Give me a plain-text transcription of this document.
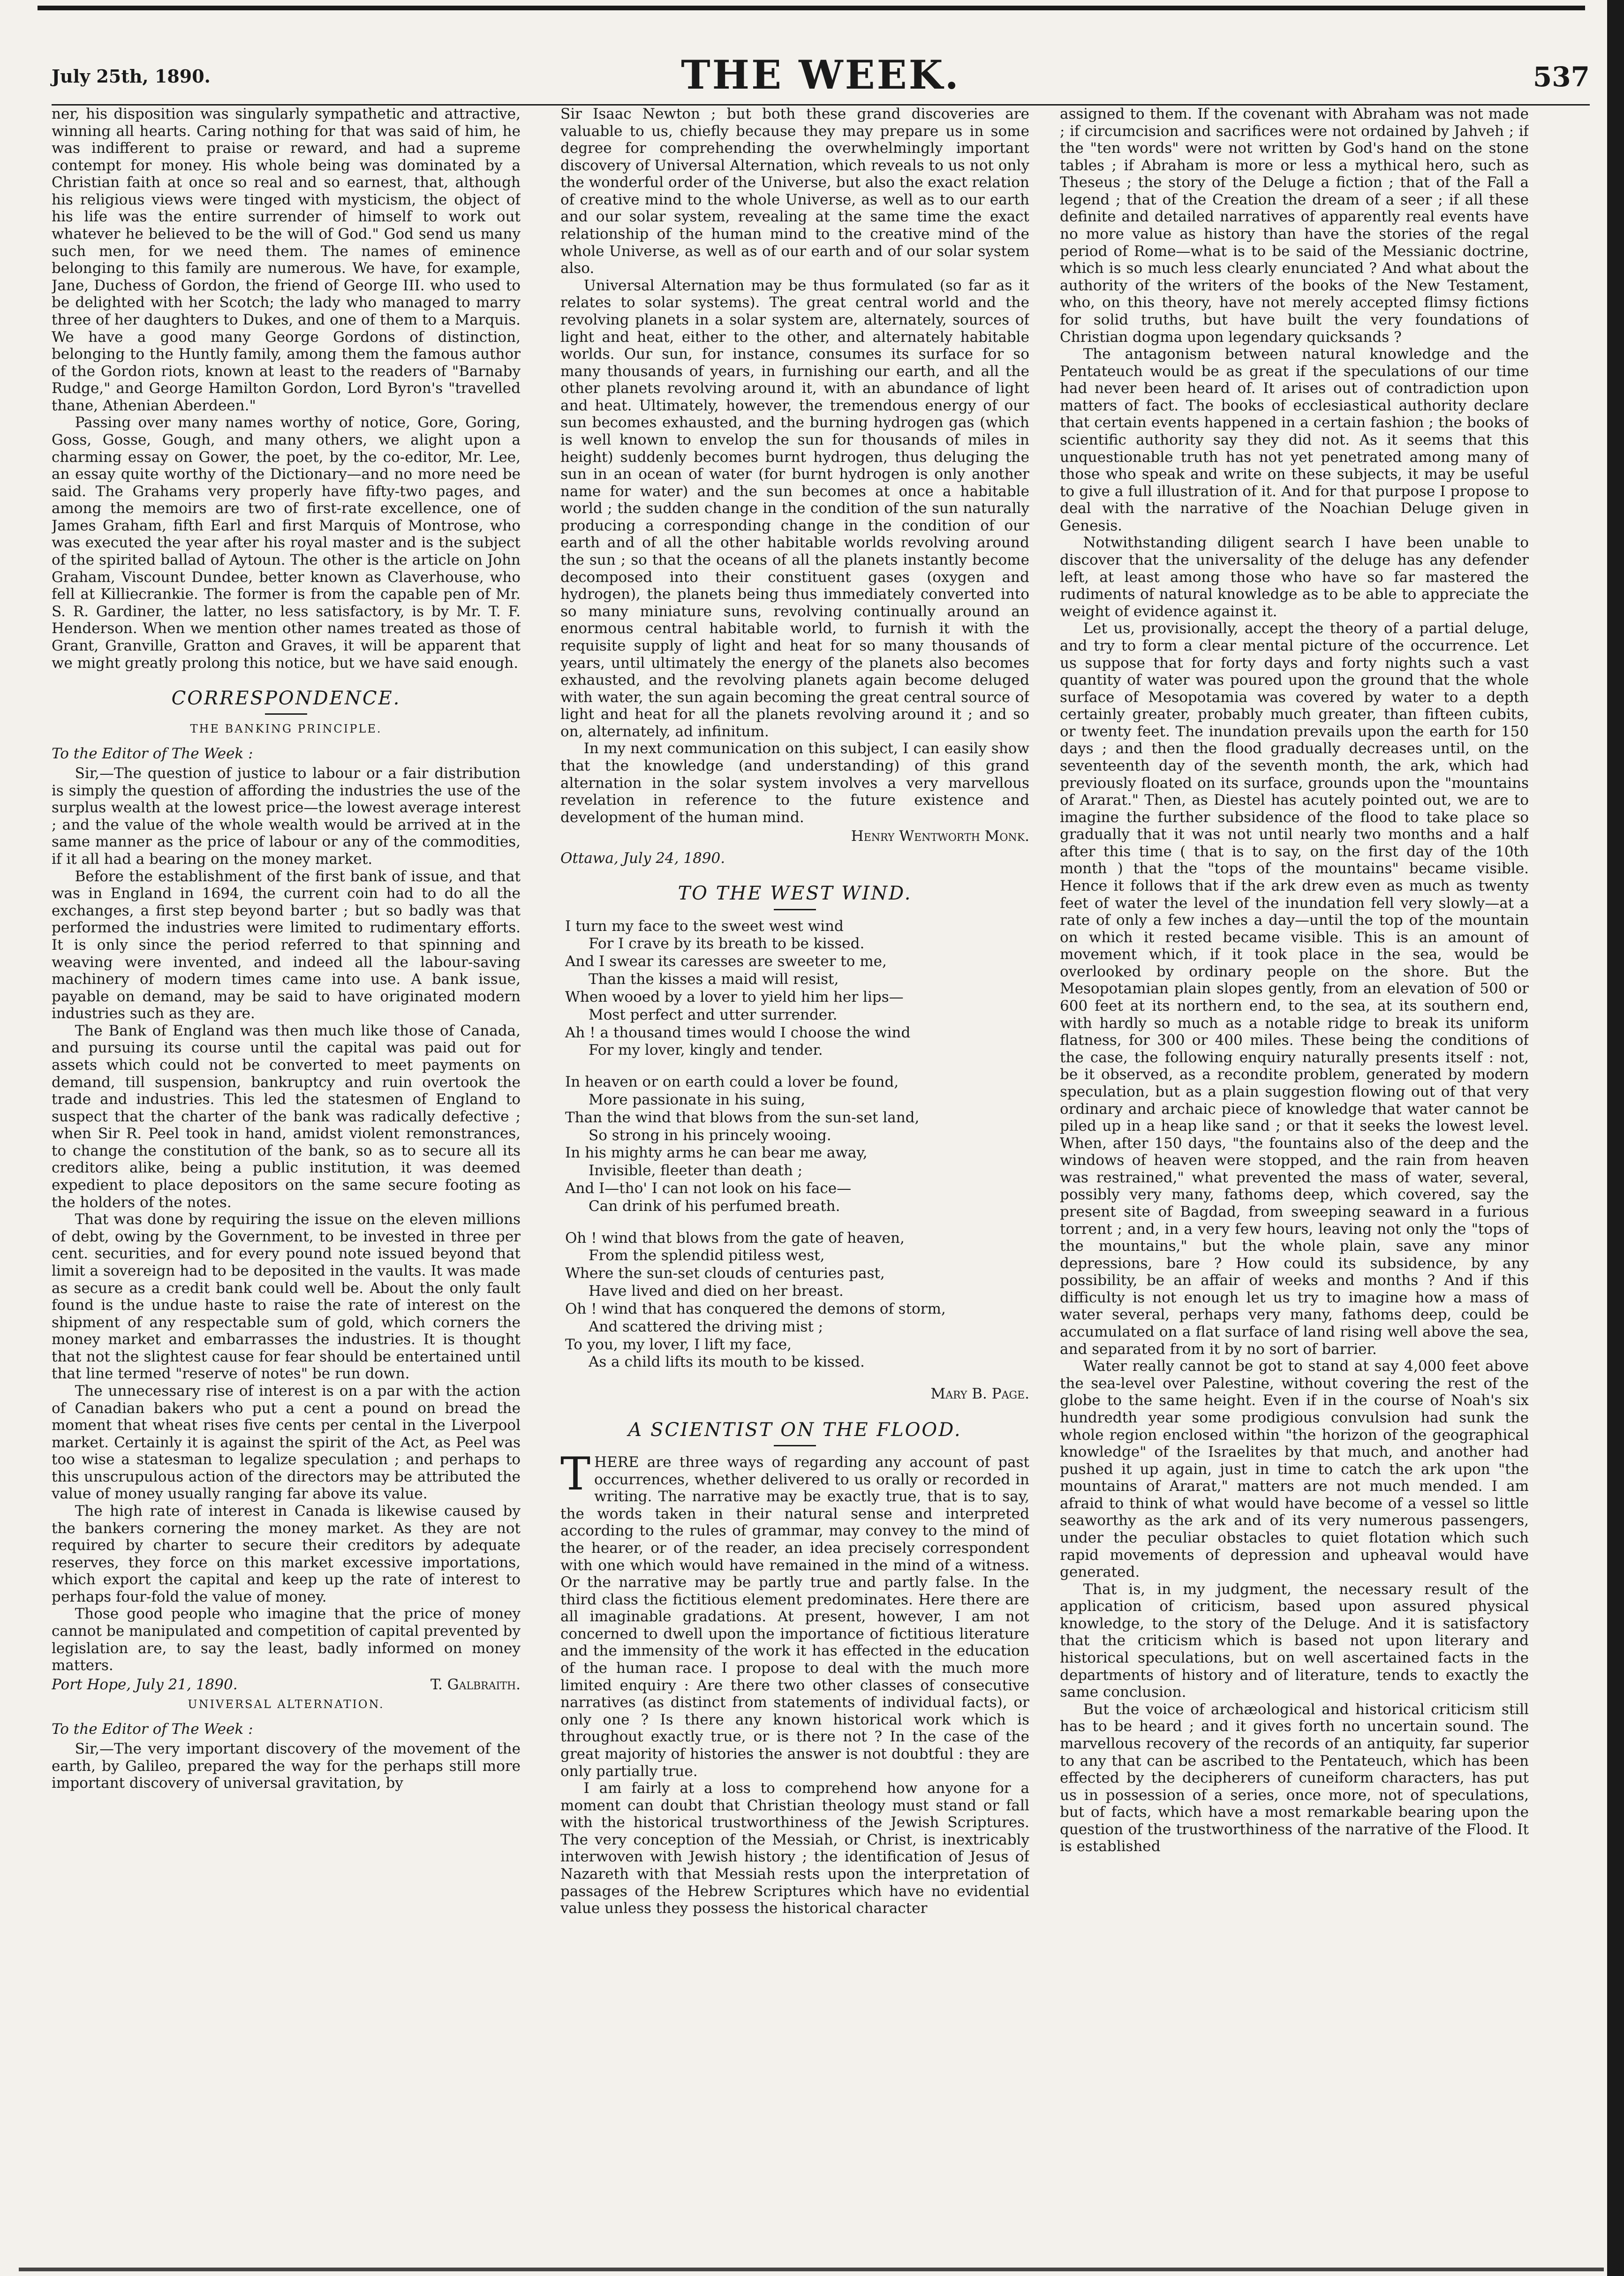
July 25th, 1890.	THE WEEK.	537

ner, his disposition was singularly sympathetic and attractive, winning all hearts. Caring nothing for that was said of him, he was indifferent to praise or reward, and had a supreme contempt for money. His whole being was dominated by a Christian faith at once so real and so earnest, that, although his religious views were tinged with mysticism, the object of his life was the entire surrender of himself to work out whatever he believed to be the will of God." God send us many such men, for we need them. The names of eminence belonging to this family are numerous. We have, for example, Jane, Duchess of Gordon, the friend of George III. who used to be delighted with her Scotch; the lady who managed to marry three of her daughters to Dukes, and one of them to a Marquis. We have a good many George Gordons of distinction, belonging to the Huntly family, among them the famous author of the Gordon riots, known at least to the readers of "Barnaby Rudge," and George Hamilton Gordon, Lord Byron's "travelled thane, Athenian Aberdeen."

Passing over many names worthy of notice, Gore, Goring, Goss, Gosse, Gough, and many others, we alight upon a charming essay on Gower, the poet, by the co-editor, Mr. Lee, an essay quite worthy of the Dictionary—and no more need be said. The Grahams very properly have fifty-two pages, and among the memoirs are two of first-rate excellence, one of James Graham, fifth Earl and first Marquis of Montrose, who was executed the year after his royal master and is the subject of the spirited ballad of Aytoun. The other is the article on John Graham, Viscount Dundee, better known as Claverhouse, who fell at Killiecrankie. The former is from the capable pen of Mr. S. R. Gardiner, the latter, no less satisfactory, is by Mr. T. F. Henderson. When we mention other names treated as those of Grant, Granville, Gratton and Graves, it will be apparent that we might greatly prolong this notice, but we have said enough.

CORRESPONDENCE.
THE BANKING PRINCIPLE.

To the Editor of The Week :

Sir,—The question of justice to labour or a fair distribution is simply the question of affording the industries the use of the surplus wealth at the lowest price—the lowest average interest ; and the value of the whole wealth would be arrived at in the same manner as the price of labour or any of the commodities, if it all had a bearing on the money market.

Before the establishment of the first bank of issue, and that was in England in 1694, the current coin had to do all the exchanges, a first step beyond barter ; but so badly was that performed the industries were limited to rudimentary efforts. It is only since the period referred to that spinning and weaving were invented, and indeed all the labour-saving machinery of modern times came into use. A bank issue, payable on demand, may be said to have originated modern industries such as they are.

The Bank of England was then much like those of Canada, and pursuing its course until the capital was paid out for assets which could not be converted to meet payments on demand, till suspension, bankruptcy and ruin overtook the trade and industries. This led the statesmen of England to suspect that the charter of the bank was radically defective ; when Sir R. Peel took in hand, amidst violent remonstrances, to change the constitution of the bank, so as to secure all its creditors alike, being a public institution, it was deemed expedient to place depositors on the same secure footing as the holders of the notes.

That was done by requiring the issue on the eleven millions of debt, owing by the Government, to be invested in three per cent. securities, and for every pound note issued beyond that limit a sovereign had to be deposited in the vaults. It was made as secure as a credit bank could well be. About the only fault found is the undue haste to raise the rate of interest on the shipment of any respectable sum of gold, which corners the money market and embarrasses the industries. It is thought that not the slightest cause for fear should be entertained until that line termed "reserve of notes" be run down.

The unnecessary rise of interest is on a par with the action of Canadian bakers who put a cent a pound on bread the moment that wheat rises five cents per cental in the Liverpool market. Certainly it is against the spirit of the Act, as Peel was too wise a statesman to legalize speculation ; and perhaps to this unscrupulous action of the directors may be attributed the value of money usually ranging far above its value.

The high rate of interest in Canada is likewise caused by the bankers cornering the money market. As they are not required by charter to secure their creditors by adequate reserves, they force on this market excessive importations, which export the capital and keep up the rate of interest to perhaps four-fold the value of money.

Those good people who imagine that the price of money cannot be manipulated and competition of capital prevented by legislation are, to say the least, badly informed on money matters.

Port Hope, July 21, 1890.	T. Galbraith.
UNIVERSAL ALTERNATION.

To the Editor of The Week :

Sir,—The very important discovery of the movement of the earth, by Galileo, prepared the way for the perhaps still more important discovery of universal gravitation, by

Sir Isaac Newton ; but both these grand discoveries are valuable to us, chiefly because they may prepare us in some degree for comprehending the overwhelmingly important discovery of Universal Alternation, which reveals to us not only the wonderful order of the Universe, but also the exact relation of creative mind to the whole Universe, as well as to our earth and our solar system, revealing at the same time the exact relationship of the human mind to the creative mind of the whole Universe, as well as of our earth and of our solar system also.

Universal Alternation may be thus formulated (so far as it relates to solar systems). The great central world and the revolving planets in a solar system are, alternately, sources of light and heat, either to the other, and alternately habitable worlds. Our sun, for instance, consumes its surface for so many thousands of years, in furnishing our earth, and all the other planets revolving around it, with an abundance of light and heat. Ultimately, however, the tremendous energy of our sun becomes exhausted, and the burning hydrogen gas (which is well known to envelop the sun for thousands of miles in height) suddenly becomes burnt hydrogen, thus deluging the sun in an ocean of water (for burnt hydrogen is only another name for water) and the sun becomes at once a habitable world ; the sudden change in the condition of the sun naturally producing a corresponding change in the condition of our earth and of all the other habitable worlds revolving around the sun ; so that the oceans of all the planets instantly become decomposed into their constituent gases (oxygen and hydrogen), the planets being thus immediately converted into so many miniature suns, revolving continually around an enormous central habitable world, to furnish it with the requisite supply of light and heat for so many thousands of years, until ultimately the energy of the planets also becomes exhausted, and the revolving planets again become deluged with water, the sun again becoming the great central source of light and heat for all the planets revolving around it ; and so on, alternately, ad infinitum.

In my next communication on this subject, I can easily show that the knowledge (and understanding) of this grand alternation in the solar system involves a very marvellous revelation in reference to the future existence and development of the human mind.

Henry Wentworth Monk.

Ottawa, July 24, 1890.

TO THE WEST WIND.
I turn my face to the sweet west wind
For I crave by its breath to be kissed.
And I swear its caresses are sweeter to me,
Than the kisses a maid will resist,
When wooed by a lover to yield him her lips—
Most perfect and utter surrender.
Ah ! a thousand times would I choose the wind
For my lover, kingly and tender.
In heaven or on earth could a lover be found,
More passionate in his suing,
Than the wind that blows from the sun-set land,
So strong in his princely wooing.
In his mighty arms he can bear me away,
Invisible, fleeter than death ;
And I—tho' I can not look on his face—
Can drink of his perfumed breath.
Oh ! wind that blows from the gate of heaven,
From the splendid pitiless west,
Where the sun-set clouds of centuries past,
Have lived and died on her breast.
Oh ! wind that has conquered the demons of storm,
And scattered the driving mist ;
To you, my lover, I lift my face,
As a child lifts its mouth to be kissed.
Mary B. Page.
A SCIENTIST ON THE FLOOD.

THERE are three ways of regarding any account of past occurrences, whether delivered to us orally or recorded in writing. The narrative may be exactly true, that is to say, the words taken in their natural sense and interpreted according to the rules of grammar, may convey to the mind of the hearer, or of the reader, an idea precisely correspondent with one which would have remained in the mind of a witness. Or the narrative may be partly true and partly false. In the third class the fictitious element predominates. Here there are all imaginable gradations. At present, however, I am not concerned to dwell upon the importance of fictitious literature and the immensity of the work it has effected in the education of the human race. I propose to deal with the much more limited enquiry : Are there two other classes of consecutive narratives (as distinct from statements of individual facts), or only one ? Is there any known historical work which is throughout exactly true, or is there not ? In the case of the great majority of histories the answer is not doubtful : they are only partially true.

I am fairly at a loss to comprehend how anyone for a moment can doubt that Christian theology must stand or fall with the historical trustworthiness of the Jewish Scriptures. The very conception of the Messiah, or Christ, is inextricably interwoven with Jewish history ; the identification of Jesus of Nazareth with that Messiah rests upon the interpretation of passages of the Hebrew Scriptures which have no evidential value unless they possess the historical character

assigned to them. If the covenant with Abraham was not made ; if circumcision and sacrifices were not ordained by Jahveh ; if the "ten words" were not written by God's hand on the stone tables ; if Abraham is more or less a mythical hero, such as Theseus ; the story of the Deluge a fiction ; that of the Fall a legend ; that of the Creation the dream of a seer ; if all these definite and detailed narratives of apparently real events have no more value as history than have the stories of the regal period of Rome—what is to be said of the Messianic doctrine, which is so much less clearly enunciated ? And what about the authority of the writers of the books of the New Testament, who, on this theory, have not merely accepted flimsy fictions for solid truths, but have built the very foundations of Christian dogma upon legendary quicksands ?

The antagonism between natural knowledge and the Pentateuch would be as great if the speculations of our time had never been heard of. It arises out of contradiction upon matters of fact. The books of ecclesiastical authority declare that certain events happened in a certain fashion ; the books of scientific authority say they did not. As it seems that this unquestionable truth has not yet penetrated among many of those who speak and write on these subjects, it may be useful to give a full illustration of it. And for that purpose I propose to deal with the narrative of the Noachian Deluge given in Genesis.

Notwithstanding diligent search I have been unable to discover that the universality of the deluge has any defender left, at least among those who have so far mastered the rudiments of natural knowledge as to be able to appreciate the weight of evidence against it.

Let us, provisionally, accept the theory of a partial deluge, and try to form a clear mental picture of the occurrence. Let us suppose that for forty days and forty nights such a vast quantity of water was poured upon the ground that the whole surface of Mesopotamia was covered by water to a depth certainly greater, probably much greater, than fifteen cubits, or twenty feet. The inundation prevails upon the earth for 150 days ; and then the flood gradually decreases until, on the seventeenth day of the seventh month, the ark, which had previously floated on its surface, grounds upon the "mountains of Ararat." Then, as Diestel has acutely pointed out, we are to imagine the further subsidence of the flood to take place so gradually that it was not until nearly two months and a half after this time ( that is to say, on the first day of the 10th month ) that the "tops of the mountains" became visible. Hence it follows that if the ark drew even as much as twenty feet of water the level of the inundation fell very slowly—at a rate of only a few inches a day—until the top of the mountain on which it rested became visible. This is an amount of movement which, if it took place in the sea, would be overlooked by ordinary people on the shore. But the Mesopotamian plain slopes gently, from an elevation of 500 or 600 feet at its northern end, to the sea, at its southern end, with hardly so much as a notable ridge to break its uniform flatness, for 300 or 400 miles. These being the conditions of the case, the following enquiry naturally presents itself : not, be it observed, as a recondite problem, generated by modern speculation, but as a plain suggestion flowing out of that very ordinary and archaic piece of knowledge that water cannot be piled up in a heap like sand ; or that it seeks the lowest level. When, after 150 days, "the fountains also of the deep and the windows of heaven were stopped, and the rain from heaven was restrained," what prevented the mass of water, several, possibly very many, fathoms deep, which covered, say the present site of Bagdad, from sweeping seaward in a furious torrent ; and, in a very few hours, leaving not only the "tops of the mountains," but the whole plain, save any minor depressions, bare ? How could its subsidence, by any possibility, be an affair of weeks and months ? And if this difficulty is not enough let us try to imagine how a mass of water several, perhaps very many, fathoms deep, could be accumulated on a flat surface of land rising well above the sea, and separated from it by no sort of barrier.

Water really cannot be got to stand at say 4,000 feet above the sea-level over Palestine, without covering the rest of the globe to the same height. Even if in the course of Noah's six hundredth year some prodigious convulsion had sunk the whole region enclosed within "the horizon of the geographical knowledge" of the Israelites by that much, and another had pushed it up again, just in time to catch the ark upon "the mountains of Ararat," matters are not much mended. I am afraid to think of what would have become of a vessel so little seaworthy as the ark and of its very numerous passengers, under the peculiar obstacles to quiet flotation which such rapid movements of depression and upheaval would have generated.

That is, in my judgment, the necessary result of the application of criticism, based upon assured physical knowledge, to the story of the Deluge. And it is satisfactory that the criticism which is based not upon literary and historical speculations, but on well ascertained facts in the departments of history and of literature, tends to exactly the same conclusion.

But the voice of archæological and historical criticism still has to be heard ; and it gives forth no uncertain sound. The marvellous recovery of the records of an antiquity, far superior to any that can be ascribed to the Pentateuch, which has been effected by the decipherers of cuneiform characters, has put us in possession of a series, once more, not of speculations, but of facts, which have a most remarkable bearing upon the question of the trustworthiness of the narrative of the Flood. It is established
